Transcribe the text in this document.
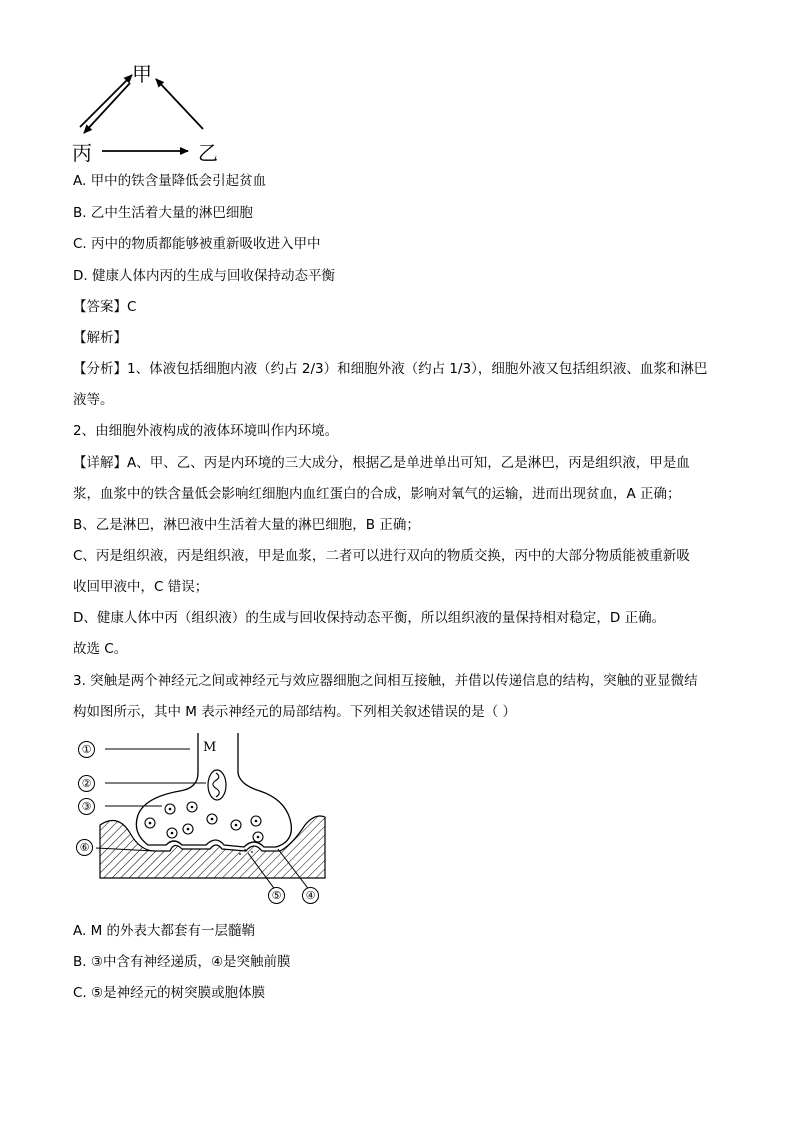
甲
丙	乙
A. 甲中的铁含量降低会引起贫血
B. 乙中生活着大量的淋巴细胞
C. 丙中的物质都能够被重新吸收进入甲中
D. 健康人体内丙的生成与回收保持动态平衡
【答案】C
【解析】
【分析】1、体液包括细胞内液（约占 2/3）和细胞外液（约占 1/3），细胞外液又包括组织液、血浆和淋巴
液等。
2、由细胞外液构成的液体环境叫作内环境。
【详解】A、甲、乙、丙是内环境的三大成分，根据乙是单进单出可知，乙是淋巴，丙是组织液，甲是血
浆，血浆中的铁含量低会影响红细胞内血红蛋白的合成，影响对氧气的运输，进而出现贫血，A 正确；
B、乙是淋巴，淋巴液中生活着大量的淋巴细胞，B 正确；
C、丙是组织液，丙是组织液，甲是血浆，二者可以进行双向的物质交换，丙中的大部分物质能被重新吸
收回甲液中，C 错误；
D、健康人体中丙（组织液）的生成与回收保持动态平衡，所以组织液的量保持相对稳定，D 正确。
故选 C。
3. 突触是两个神经元之间或神经元与效应器细胞之间相互接触，并借以传递信息的结构，突触的亚显微结
构如图所示，其中 M 表示神经元的局部结构。下列相关叙述错误的是（ ）
M
①
②
③
④
⑤
⑥
A. M 的外表大都套有一层髓鞘
B. ③中含有神经递质，④是突触前膜
C. ⑤是神经元的树突膜或胞体膜
